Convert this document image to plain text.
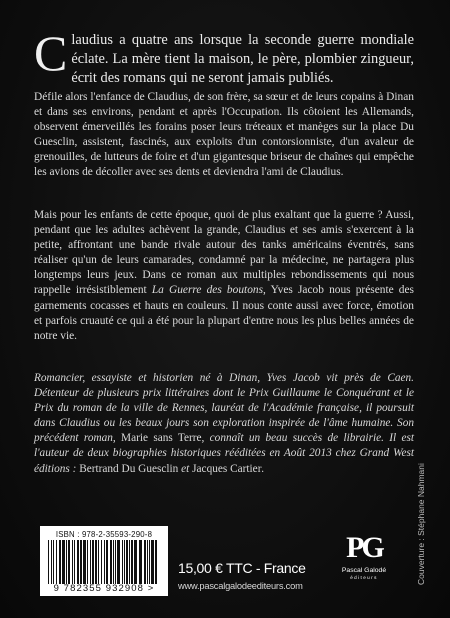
Claudius a quatre ans lorsque la seconde guerre mondiale éclate. La mère tient la maison, le père, plombier zingueur, écrit des romans qui ne seront jamais publiés.
Défile alors l'enfance de Claudius, de son frère, sa sœur et de leurs copains à Dinan et dans ses environs, pendant et après l'Occupation. Ils côtoient les Allemands, observent émerveillés les forains poser leurs tréteaux et manèges sur la place Du Guesclin, assistent, fascinés, aux exploits d'un contorsionniste, d'un avaleur de grenouilles, de lutteurs de foire et d'un gigantesque briseur de chaînes qui empêche les avions de décoller avec ses dents et deviendra l'ami de Claudius.
Mais pour les enfants de cette époque, quoi de plus exaltant que la guerre ? Aussi, pendant que les adultes achèvent la grande, Claudius et ses amis s'exercent à la petite, affrontant une bande rivale autour des tanks américains éventrés, sans réaliser qu'un de leurs camarades, condamné par la médecine, ne partagera plus longtemps leurs jeux. Dans ce roman aux multiples rebondissements qui nous rappelle irrésistiblement La Guerre des boutons, Yves Jacob nous présente des garnements cocasses et hauts en couleurs. Il nous conte aussi avec force, émotion et parfois cruauté ce qui a été pour la plupart d'entre nous les plus belles années de notre vie.
Romancier, essayiste et historien né à Dinan, Yves Jacob vit près de Caen. Détenteur de plusieurs prix littéraires dont le Prix Guillaume le Conquérant et le Prix du roman de la ville de Rennes, lauréat de l'Académie française, il poursuit dans Claudius ou les beaux jours son exploration inspirée de l'âme humaine. Son précédent roman, Marie sans Terre, connaît un beau succès de librairie. Il est l'auteur de deux biographies historiques rééditées en Août 2013 chez Grand West éditions : Bertrand Du Guesclin et Jacques Cartier.	Couverture : Stéphane Nahmani
ISBN : 978-2-35593-290-8
9 782355 932908 >
15,00 € TTC - France
www.pascalgalodeediteurs.com
PG
Pascal Galodé
éditeurs
